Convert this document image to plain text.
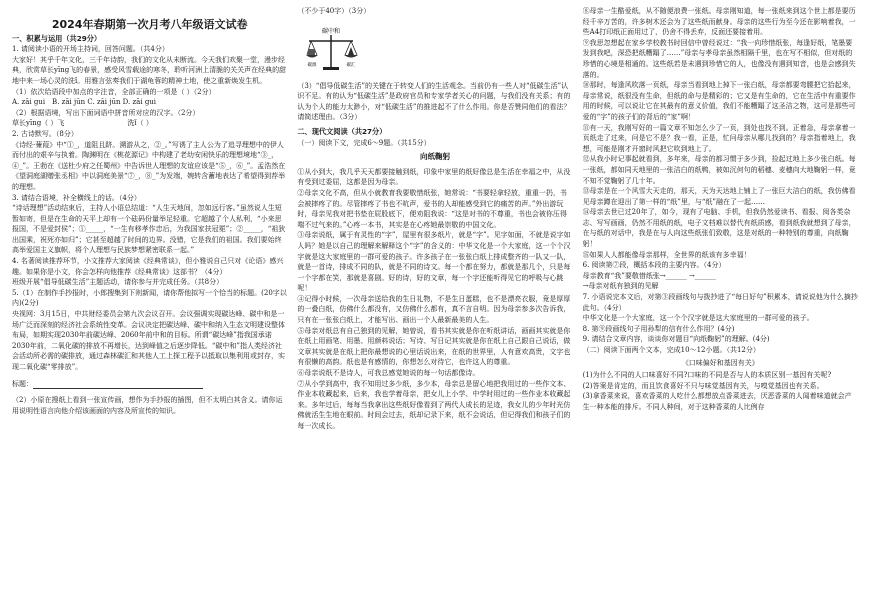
2024年春期第一次月考八年级语文试卷

一、积累与运用（共29分）

1. 请阅读小语的开场主持词，回答问题。（共4分）

大家好！其乎千年文化，三千年诗韵，我们的文化从未断流。今天我们欢聚一堂，漫步经典，欣赏草长yīng飞的春景，感受风雪载途的寒冬，聆听河洲上清脆的关关声在经典的甜地中来一场心灵的洗ǐ。用雅言弦奏我们于湖龟蓉的精神土地，使之重新焕发生机。

（1）依次给语段中加点的字注音，全部正确的一项是（ ）（2分）

A. zāi gui　B. zāi jūn C. zāi jūn D. zāi gui

（2）根据语境，写出下面词语中拼音所对应的汉字。（2分）

草长yīng（ ）飞　　　　　　　　　洗ǐ（ ）

2. 古诗默写。（8分）

《诗经·蒹葭》中“①_，道阻且跻。溯游从之，②_。”写诱了主人公为了追寻理想中的伊人而付出的艰辛与执着。陶渊明在《桃花源记》中构建了老幼安闲快乐的理想境地“③_，④_”。王勃在《送杜少府之任蜀州》中告诉世人理想的友谊应该是“⑤_，⑥_”。孟浩然在《望洞庭湖赠张丞相》中以洞庭美景“⑦_，⑧_”为发端，婉转含蓄地表达了希望得到荐举的理想。

3. 请结合语境，补全横线上的话。（4分）

“诗话理想”活动结束后，主持人小语总结道：“人生天地间，忽如远行客。”虽然说人生短暂如寄，但是在生命的天平上却有一个砝码份量举足轻重。它超越了个人私利，“小来思报国，不是爱封侯”；①_____，“一生有移孝作忠后，为我国家扶冠冕”；②_____，“祖狄出国乘，祝死亦如归”；它甚至超越了时间的边界。没错，它是我们的祖国。我们要始终高举爱国主义旗帜，将个人理想与民族梦想紧密联系一起。”

4. 名著阅读推荐环节，小文推荐大家阅读《经典常谈》，但小雅说自己只对《论语》感兴趣。如果你是小文，你会怎样向他推荐《经典常谈》这部书？（4分）

班级开展“倡导低碳生活”主题活动，请你参与并完成任务。（共8分）

5.（1）在制作手抄报时，小郎搜集到下则新闻，请你帮他拟写一个恰当的标题。(20字以内)(2分)

央视网：3月15日，中共财经委员会第九次会议召开。会议强调实现碳达峰、碳中和是一场广泛而深刻的经济社会系统性变革。会议决定把碳达峰、碳中和纳入生态文明建设整体布局，如期实现2030年前碳达峰、2060年前中和的目标。所谓“碳达峰”指我国承诺2030年前，二氧化碳的排放不再增长，达到峰值之后逐步降低。“碳中和”指人类经济社会活动所必需的碳排放，通过森林碳汇和其他人工上探工程予以抵取以集利用或封存，实现二氧化碳“零排放”。

标题：

（2）小原在搜纸上看到一张宣传画，想作为手抄报的插图，但不太明白其含义。请你运用说明性语言向他介绍该画面的内容及所宣传的知识。

（不少于40字）（3分）

碳中和
碳源	碳汇

（3）“倡导低碳生活”的关键在于转变人们的生活观念。当前仍有一些人对“低碳生活”认识不足。有的认为“低碳生活”是政府官员和专家学者关心的问题，与我们没有关系；有的认为个人的能力太渺小，对“低碳生活”的推进起不了什么作用。你是否赞同他们的看法？请简述理由。（3分）

二、现代文阅读（共27分）

（一）阅读下文，完成6～9题。（共15分）

向纸鞠躬

①从小到大，我几乎天天都要接触到纸，印象中家里的纸好像总是生活在幸福之中，从没有受到过委屈，这都是因为母亲。

②母亲文化不高，但从小就教育我要敬惜纸张，她常说：“书要轻拿轻放，重重一扔，书会被摔疼了的。尽管摔疼了书也不吭声，爱书的人却能感受到它的痛苦的声。”外出游玩时，母亲见我对把书垫在屁股底下，便劝阻我说：“这是对书的不尊重，书也会被你压得喘不过气来的。”心疼一本书，其实是在心疼她最崇敬的中国文化。

③母亲说纸，属于有灵性的“字”，屋里有很多纸片，就是“字”。见字如面，不就是说字如人吗？她是以自己的理解来解释这个“字”的含义的：中华文化是一个大家庭，这一个个汉字就是这大家庭里的一群可爱的孩子。许多孩子在一张张白纸上排成整齐的一队又一队，就是一首诗，排成不同的队，就是不同的诗文。每一个都在努力，都就是那几个，只是每一个字都在笑，那就是喜剧。好的诗，好的文章，每一个字还能听得见它的呼吸与心跳呢！

④记得小时候，一次母亲送给我的生日礼物，不是生日蛋糕，也不是漂亮衣服，竟是厚厚的一叠白纸，仿佛什么都没有，又仿佛什么都有，真不言自明。因为母亲参多次告诉我，只有在一张张白纸上，才能写出、画出一个人最新最美的人生。

⑤母亲对纸总有自己独到的见解，她曾说，看书其实就是你在听纸讲话，画画其实就是你在纸上用画笔、用墨、用颜料说话；写诗、写日记其实就是你在纸上自己跟自己说话，做文章其实就是在纸上把你最想说的心里话说出来，在纸的世界里，人有意欢高贵，文字也有很懒的高韵。纸也是有感情的，你想怎么对待它，也许这人的尊重。

⑥母亲说纸不是诗人，可我总感觉她说的每一句话都像诗。

⑦从小学到高中，我不知用过多少纸，多少本，母亲总是留心地把我用过的一些作文本、作业本收藏起来，后来，我也学着母亲，把女儿上小学、中学时用过的一些作业本收藏起来。多年过后，每每当我拿出这些纸好像看到了两代人成长的足迹，我女儿的少年时光仿佛就活生生地在眼前。时间会过去，纸却记录下来，纸不会说话，但记得我们和孩子们的每一次成长。

⑧母亲一生酷爱纸，从不随便浪费一张纸。母亲刚知道，每一张纸来到这个世上都是要历经千辛万苦的，许多树木还会为了这些纸而献身。母亲的这些行为至今还在影响着我，一些A4打印纸正面用过了，仍舍不得丢弃，反面还要接着用。

⑨我思忽想起在家乡学校教书时回信中曾经说过：“我一向珍惜纸张，每逢好纸，笔墨要发到我吧，深恐把纸糟蹋了……”母亲与孝母亲虽然相隔千里，也在写不相似，但对纸的珍惜的心境是相通的。这些纸若是未遇到珍惜它的人，也像没有遇到知音，也是会感到失落的。

⑩那时，每逢风吹落一页纸，母亲当看到地上掉下一张白纸，母亲都要弯腰把它拾起来，母亲常说，纸很没有生命，但纸的命与是精彩的；它又是有生命的，它在生活中有重要作用的时候，可以说让它在其最有的意义价值，我们不能糟蹋了这圣洁之物，这可是那些可爱的“字”的孩子们的背后的“家”啊！

⑪有一天，我刚写好的一篇文章不知怎么少了一页，到处也找不到。正着急，母亲拿着一页纸走了过来，问是它不是？我一看，正是，忙问母亲从哪儿找到的？母亲指着地上，我想，可能是刚才开窗时风把它吹到地上了。

⑫从我小时记事起就看到，多年来，母亲的都习惯于多少到，捡起过地上多少张白纸。每一张纸，都如同天地里的一张洁白的纸鸭，被如沉何句的稻穗、麦穗向大地鞠躬一样，竟不知不觉鞠躬了几十年。

⑬母亲是在一个风雪大天走的，那天，天为天达地上铺上了一张巨大洁白的纸，我仿佛看见母亲蹲在迎出了第一样的“纸”里，与“纸”融在了一起……

⑭母亲去世已过20年了，如今，现有了电脑、手机，但我仍然爱读书、看报、阅各类杂志、写写画画，仍然不用纸的纸，电子文档难以替代有纸质感，看到纸我就想到了母亲，在与纸的对话中，我是在与人向这些纸张们致敬，这是对纸的一种特别的尊重，向纸鞠躬！

⑮如果人人都能像母亲那样，全世界的纸该有多幸福！

6. 阅读第⑦段，概括本段的主要内容。（4分）

母亲教育“我”要敬惜纸张→______ →______

→母亲对纸有独到的见解

7. 小语说完本文后，对第③段画线句与拨抄进了“每日好句”积累本，请说说他为什么摘抄此句。（4分）

中华文化是一个大家庭，这一个个汉字就是这大家庭里的一群可爱的孩子。

8. 第⑨段画线句子用孙犁的信有什么作用？(4分)

9. 请结合文章内容，谈谈你对题目“向纸鞠躬”的理解。(4分)

（二）阅读下面两个文本，完成10～12小题。（共12分）

《口味偏好和基因有关》

(1)为什么不同的人口味喜好不同?口味的不同是否与人的本质区别一基因有关呢?

(2)答案是肯定的，而且饮食喜好不只与味觉基因有关，与嗅觉基因也有关系。

(3)拿香菜来说，喜欢香菜的人吃什么都想放点香菜进去，厌恶香菜的人闻着味道就会产生一种本能的排斥。不同人种间，对于这种香菜的人比例存
